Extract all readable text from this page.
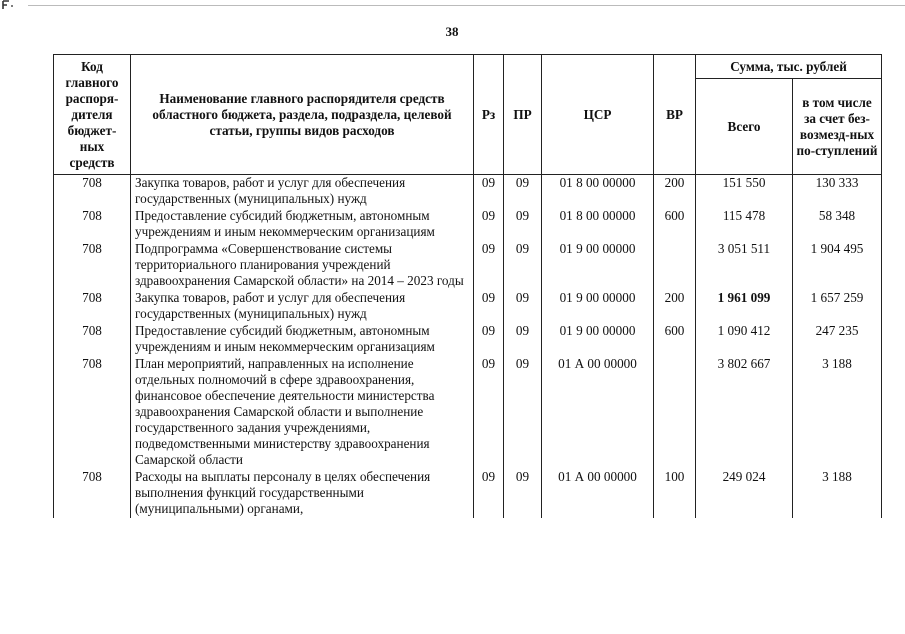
38
Код главного распоря-дителя бюджет-ных средств	Наименование главного распорядителя средств областного бюджета, раздела, подраздела, целевой статьи, группы видов расходов	Рз	ПР	ЦСР	ВР	Сумма, тыс. рублей	
						Всего	в том числе за счет без-возмезд-ных по-ступлений
708	Закупка товаров, работ и услуг для обеспечения государственных (муниципальных) нужд	09	09	01 8 00 00000	200	151 550	130 333
708	Предоставление субсидий бюджетным, автономным учреждениям и иным некоммерческим организациям	09	09	01 8 00 00000	600	115 478	58 348
708	Подпрограмма «Совершенствование системы территориального планирования учреждений здравоохранения Самарской области» на 2014 – 2023 годы	09	09	01 9 00 00000		3 051 511	1 904 495
708	Закупка товаров, работ и услуг для обеспечения государственных (муниципальных) нужд	09	09	01 9 00 00000	200	1 961 099	1 657 259
708	Предоставление субсидий бюджетным, автономным учреждениям и иным некоммерческим организациям	09	09	01 9 00 00000	600	1 090 412	247 235
708	План мероприятий, направленных на исполнение отдельных полномочий в сфере здравоохранения, финансовое обеспечение деятельности министерства здравоохранения Самарской области и выполнение государственного задания учреждениями, подведомственными министерству здравоохранения Самарской области	09	09	01 А 00 00000		3 802 667	3 188
708	Расходы на выплаты персоналу в целях обеспечения выполнения функций государственными (муниципальными) органами,	09	09	01 А 00 00000	100	249 024	3 188
